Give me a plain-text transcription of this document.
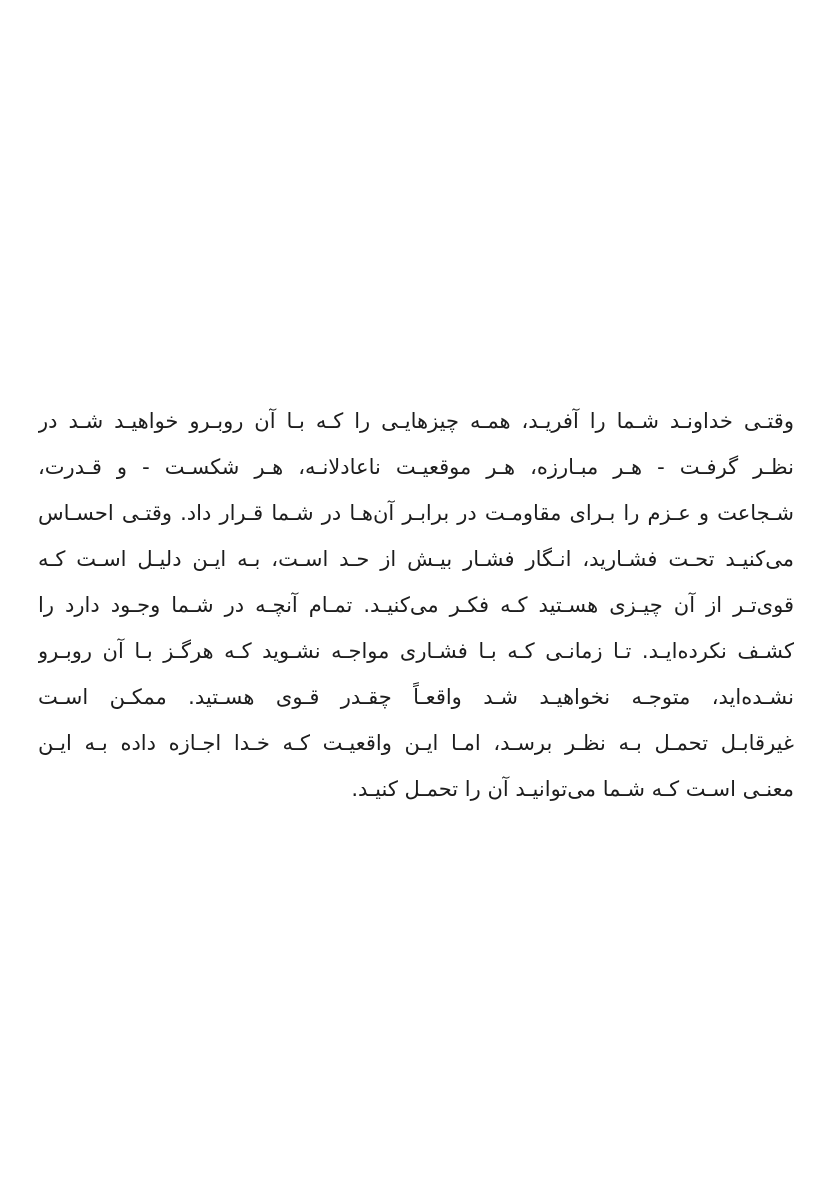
وقتـی خداونـد شـما را آفریـد، همـه چیزهایـی را کـه بـا آن روبـرو خواهیـد شـد در
نظـر گرفـت - هـر مبـارزه، هـر موقعیـت ناعادلانـه، هـر شکسـت - و قـدرت،
شـجاعت و عـزم را بـرای مقاومـت در برابـر آن‌هـا در شـما قـرار داد. وقتـی احسـاس
می‌کنیـد تحـت فشـارید، انـگار فشـار بیـش از حـد اسـت، بـه ایـن دلیـل اسـت کـه
قوی‌تـر از آن چیـزی هسـتید کـه فکـر می‌کنیـد. تمـام آنچـه در شـما وجـود دارد را
کشـف نکرده‌ایـد. تـا زمانـی کـه بـا فشـاری مواجـه نشـوید کـه هرگـز بـا آن روبـرو
نشـده‌اید، متوجـه نخواهیـد شـد واقعـاً چقـدر قـوی هسـتید. ممکـن اسـت
غیرقابـل تحمـل بـه نظـر برسـد، امـا ایـن واقعیـت کـه خـدا اجـازه داده بـه ایـن
معنـی اسـت کـه شـما می‌توانیـد آن را تحمـل کنیـد.
